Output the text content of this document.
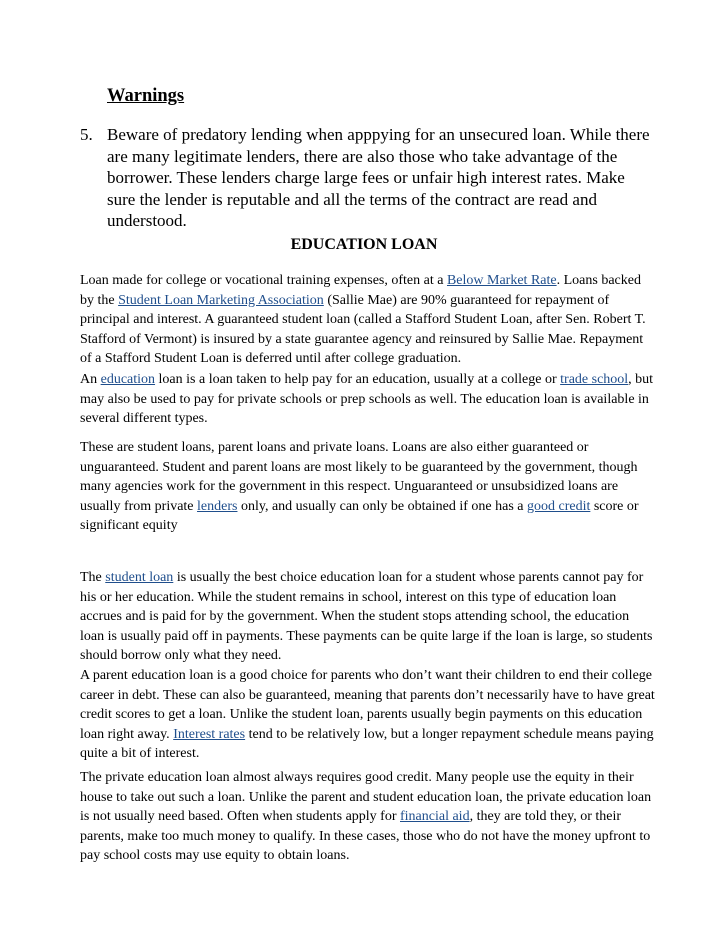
Warnings
5. Beware of predatory lending when apppying for an unsecured loan. While there are many legitimate lenders, there are also those who take advantage of the borrower. These lenders charge large fees or unfair high interest rates. Make sure the lender is reputable and all the terms of the contract are read and understood.
EDUCATION LOAN

Loan made for college or vocational training expenses, often at a Below Market Rate. Loans backed by the Student Loan Marketing Association (Sallie Mae) are 90% guaranteed for repayment of principal and interest. A guaranteed student loan (called a Stafford Student Loan, after Sen. Robert T. Stafford of Vermont) is insured by a state guarantee agency and reinsured by Sallie Mae. Repayment of a Stafford Student Loan is deferred until after college graduation.

An education loan is a loan taken to help pay for an education, usually at a college or trade school, but may also be used to pay for private schools or prep schools as well. The education loan is available in several different types.

These are student loans, parent loans and private loans. Loans are also either guaranteed or unguaranteed. Student and parent loans are most likely to be guaranteed by the government, though many agencies work for the government in this respect. Unguaranteed or unsubsidized loans are usually from private lenders only, and usually can only be obtained if one has a good credit score or significant equity

The student loan is usually the best choice education loan for a student whose parents cannot pay for his or her education. While the student remains in school, interest on this type of education loan accrues and is paid for by the government. When the student stops attending school, the education loan is usually paid off in payments. These payments can be quite large if the loan is large, so students should borrow only what they need.

A parent education loan is a good choice for parents who don’t want their children to end their college career in debt. These can also be guaranteed, meaning that parents don’t necessarily have to have great credit scores to get a loan. Unlike the student loan, parents usually begin payments on this education loan right away. Interest rates tend to be relatively low, but a longer repayment schedule means paying quite a bit of interest.

The private education loan almost always requires good credit. Many people use the equity in their house to take out such a loan. Unlike the parent and student education loan, the private education loan is not usually need based. Often when students apply for financial aid, they are told they, or their parents, make too much money to qualify. In these cases, those who do not have the money upfront to pay school costs may use equity to obtain loans.
